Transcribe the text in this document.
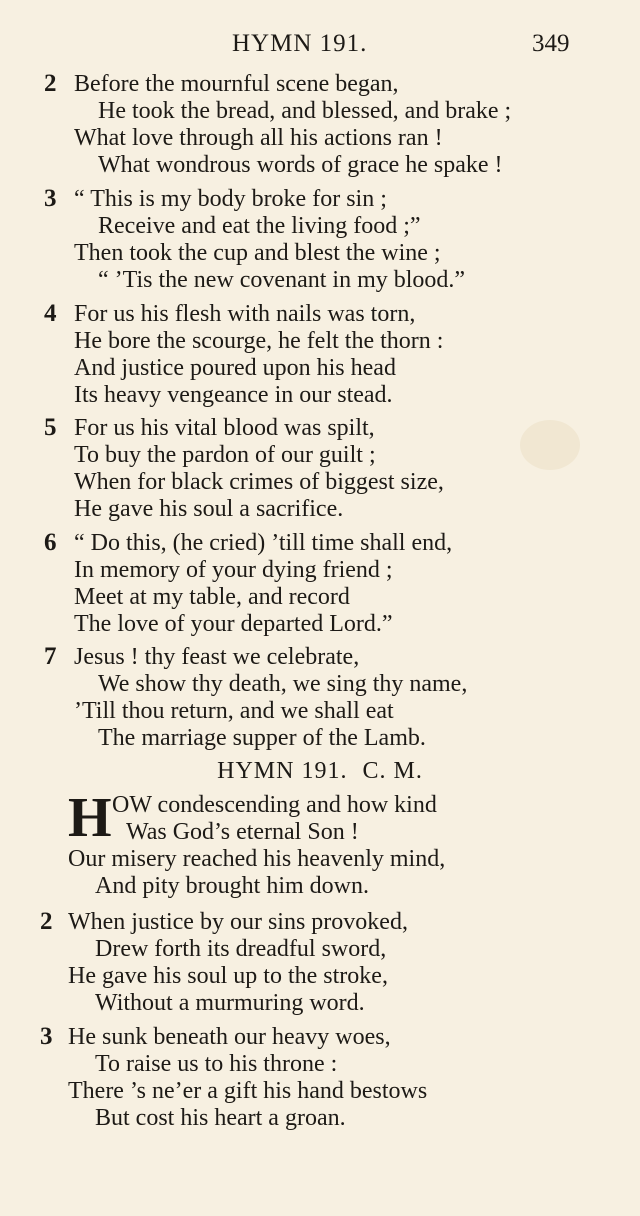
HYMN 191.	349
2 Before the mournful scene began,
He took the bread, and blessed, and brake ;
What love through all his actions ran !
What wondrous words of grace he spake !
3 “ This is my body broke for sin ;
Receive and eat the living food ;”
Then took the cup and blest the wine ;
“ ’Tis the new covenant in my blood.”
4 For us his flesh with nails was torn,
He bore the scourge, he felt the thorn :
And justice poured upon his head
Its heavy vengeance in our stead.
5 For us his vital blood was spilt,
To buy the pardon of our guilt ;
When for black crimes of biggest size,
He gave his soul a sacrifice.
6 “ Do this, (he cried) ’till time shall end,
In memory of your dying friend ;
Meet at my table, and record
The love of your departed Lord.”
7 Jesus ! thy feast we celebrate,
We show thy death, we sing thy name,
’Till thou return, and we shall eat
The marriage supper of the Lamb.
HYMN 191. C. M.
H OW condescending and how kind
Was God’s eternal Son !
Our misery reached his heavenly mind,
And pity brought him down.
2 When justice by our sins provoked,
Drew forth its dreadful sword,
He gave his soul up to the stroke,
Without a murmuring word.
3 He sunk beneath our heavy woes,
To raise us to his throne :
There ’s ne’er a gift his hand bestows
But cost his heart a groan.
